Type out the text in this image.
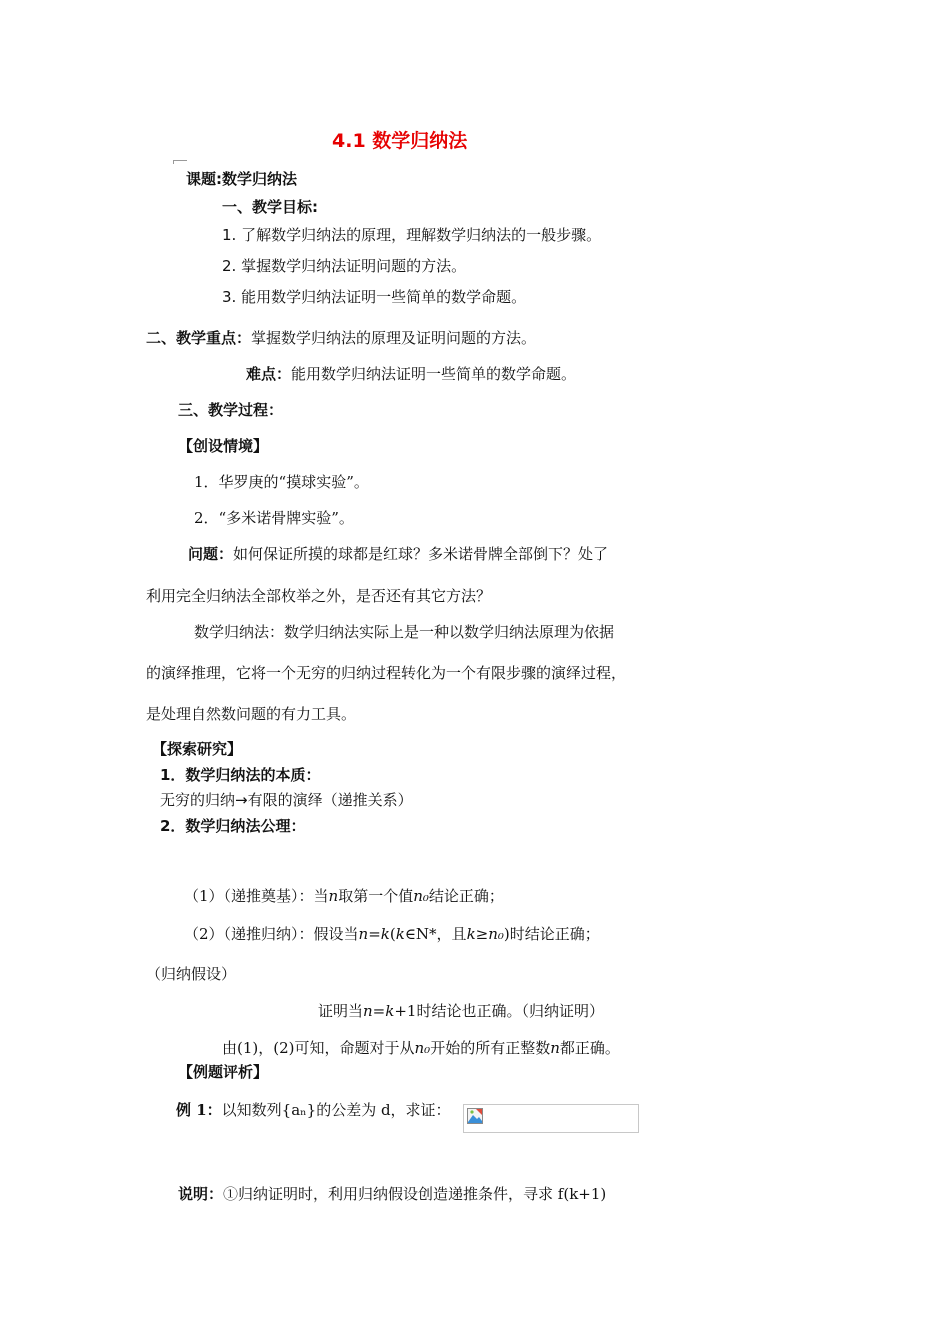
4.1 数学归纳法
课题:数学归纳法
一、教学目标:
1. 了解数学归纳法的原理，理解数学归纳法的一般步骤。
2. 掌握数学归纳法证明问题的方法。
3. 能用数学归纳法证明一些简单的数学命题。
二、教学重点：掌握数学归纳法的原理及证明问题的方法。
难点：能用数学归纳法证明一些简单的数学命题。
三、教学过程：
【创设情境】
1．华罗庚的“摸球实验”。
2．“多米诺骨牌实验”。
问题：如何保证所摸的球都是红球？多米诺骨牌全部倒下？处了
利用完全归纳法全部枚举之外，是否还有其它方法？
数学归纳法：数学归纳法实际上是一种以数学归纳法原理为依据
的演绎推理，它将一个无穷的归纳过程转化为一个有限步骤的演绎过程，
是处理自然数问题的有力工具。
【探索研究】
1．数学归纳法的本质：
无穷的归纳→有限的演绎（递推关系）
2．数学归纳法公理：
（1）（递推奠基）：当n取第一个值n₀结论正确；
（2）（递推归纳）：假设当n=k(k∈N*，且k≥n₀)时结论正确；
（归纳假设）
证明当n=k+1时结论也正确。（归纳证明）
由(1)，(2)可知，命题对于从n₀开始的所有正整数n都正确。
【例题评析】
例 1：以知数列{aₙ}的公差为 d，求证：
说明：①归纳证明时，利用归纳假设创造递推条件，寻求 f(k+1)
